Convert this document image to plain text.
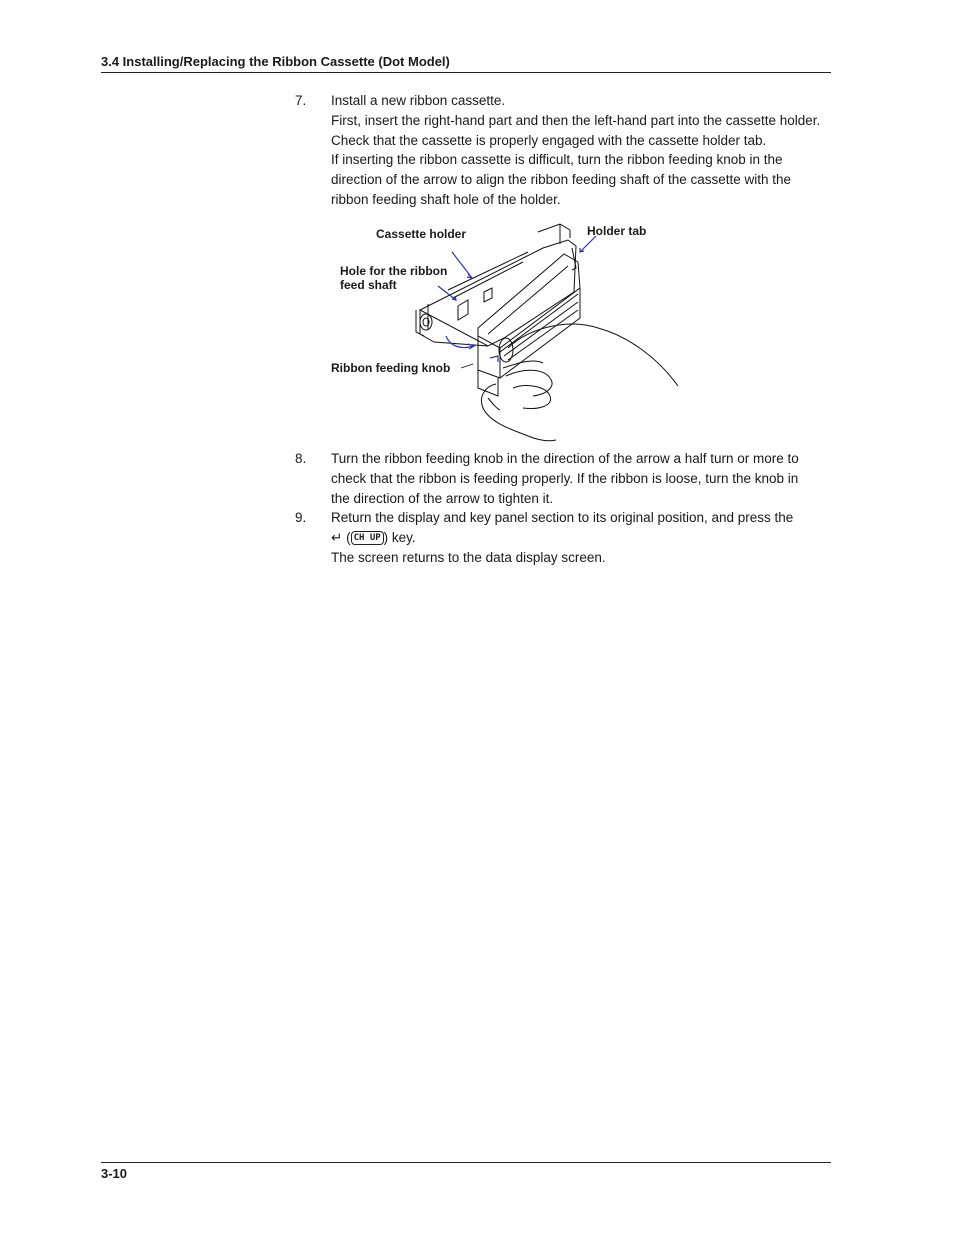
3.4 Installing/Replacing the Ribbon Cassette (Dot Model)
7. Install a new ribbon cassette.
First, insert the right-hand part and then the left-hand part into the cassette holder.
Check that the cassette is properly engaged with the cassette holder tab.
If inserting the ribbon cassette is difficult, turn the ribbon feeding knob in the
direction of the arrow to align the ribbon feeding shaft of the cassette with the
ribbon feeding shaft hole of the holder.
Cassette holder	Holder tab
Hole for the ribbon
feed shaft
Ribbon feeding knob
8. Turn the ribbon feeding knob in the direction of the arrow a half turn or more to
check that the ribbon is feeding properly. If the ribbon is loose, turn the knob in
the direction of the arrow to tighten it.
9. Return the display and key panel section to its original position, and press the
↵ ( CH UP ) key.
The screen returns to the data display screen.
3-10
